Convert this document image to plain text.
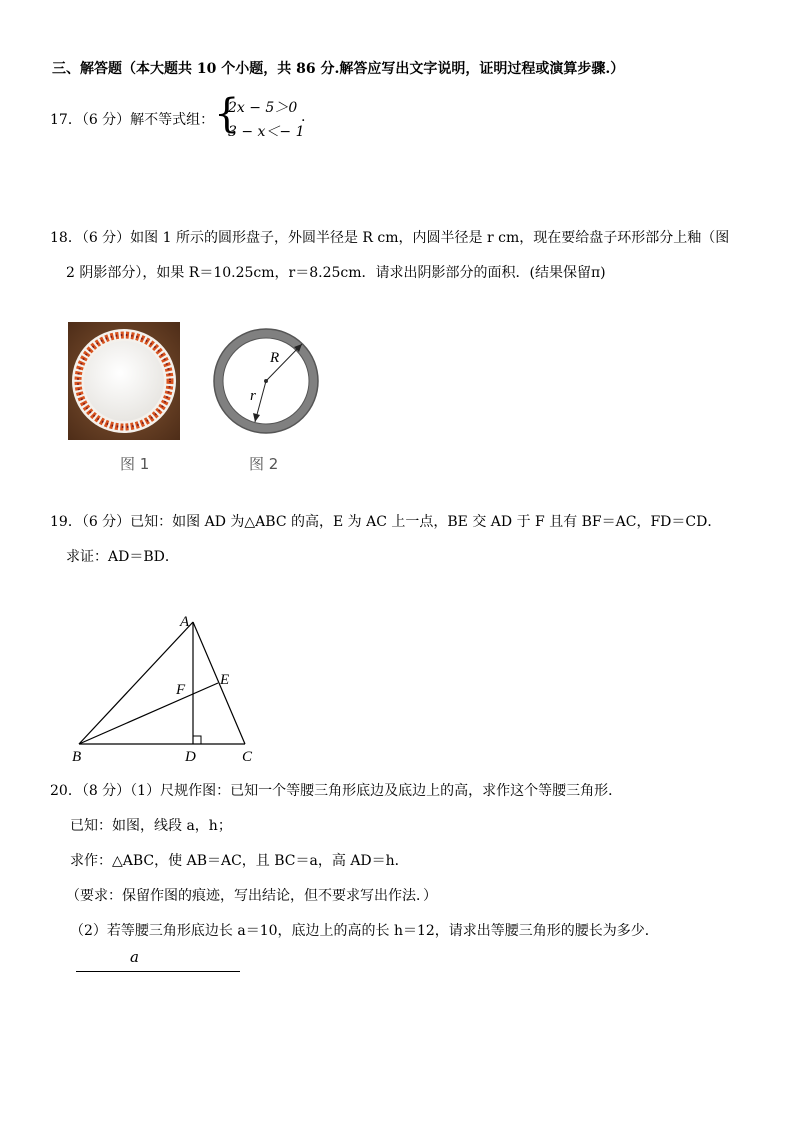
三、解答题（本大题共 10 个小题，共 86 分.解答应写出文字说明，证明过程或演算步骤.）
17．（6 分）解不等式组： {
2x − 5＞0
3 − x＜− 1
.
18．（6 分）如图 1 所示的圆形盘子，外圆半径是 R cm，内圆半径是 r cm，现在要给盘子环形部分上釉（图
2 阴影部分），如果 R＝10.25cm，r＝8.25cm．请求出阴影部分的面积．(结果保留π)
图 1
R
r
图 2
19．（6 分）已知：如图 AD 为△ABC 的高，E 为 AC 上一点，BE 交 AD 于 F 且有 BF＝AC，FD＝CD．
求证：AD＝BD．
A
B	C
D
E
F
20．（8 分）（1）尺规作图：已知一个等腰三角形底边及底边上的高，求作这个等腰三角形．
已知：如图，线段 a，h；
求作：△ABC，使 AB＝AC，且 BC＝a，高 AD＝h．
（要求：保留作图的痕迹，写出结论，但不要求写出作法．）
（2）若等腰三角形底边长 a＝10，底边上的高的长 h＝12，请求出等腰三角形的腰长为多少．
a
